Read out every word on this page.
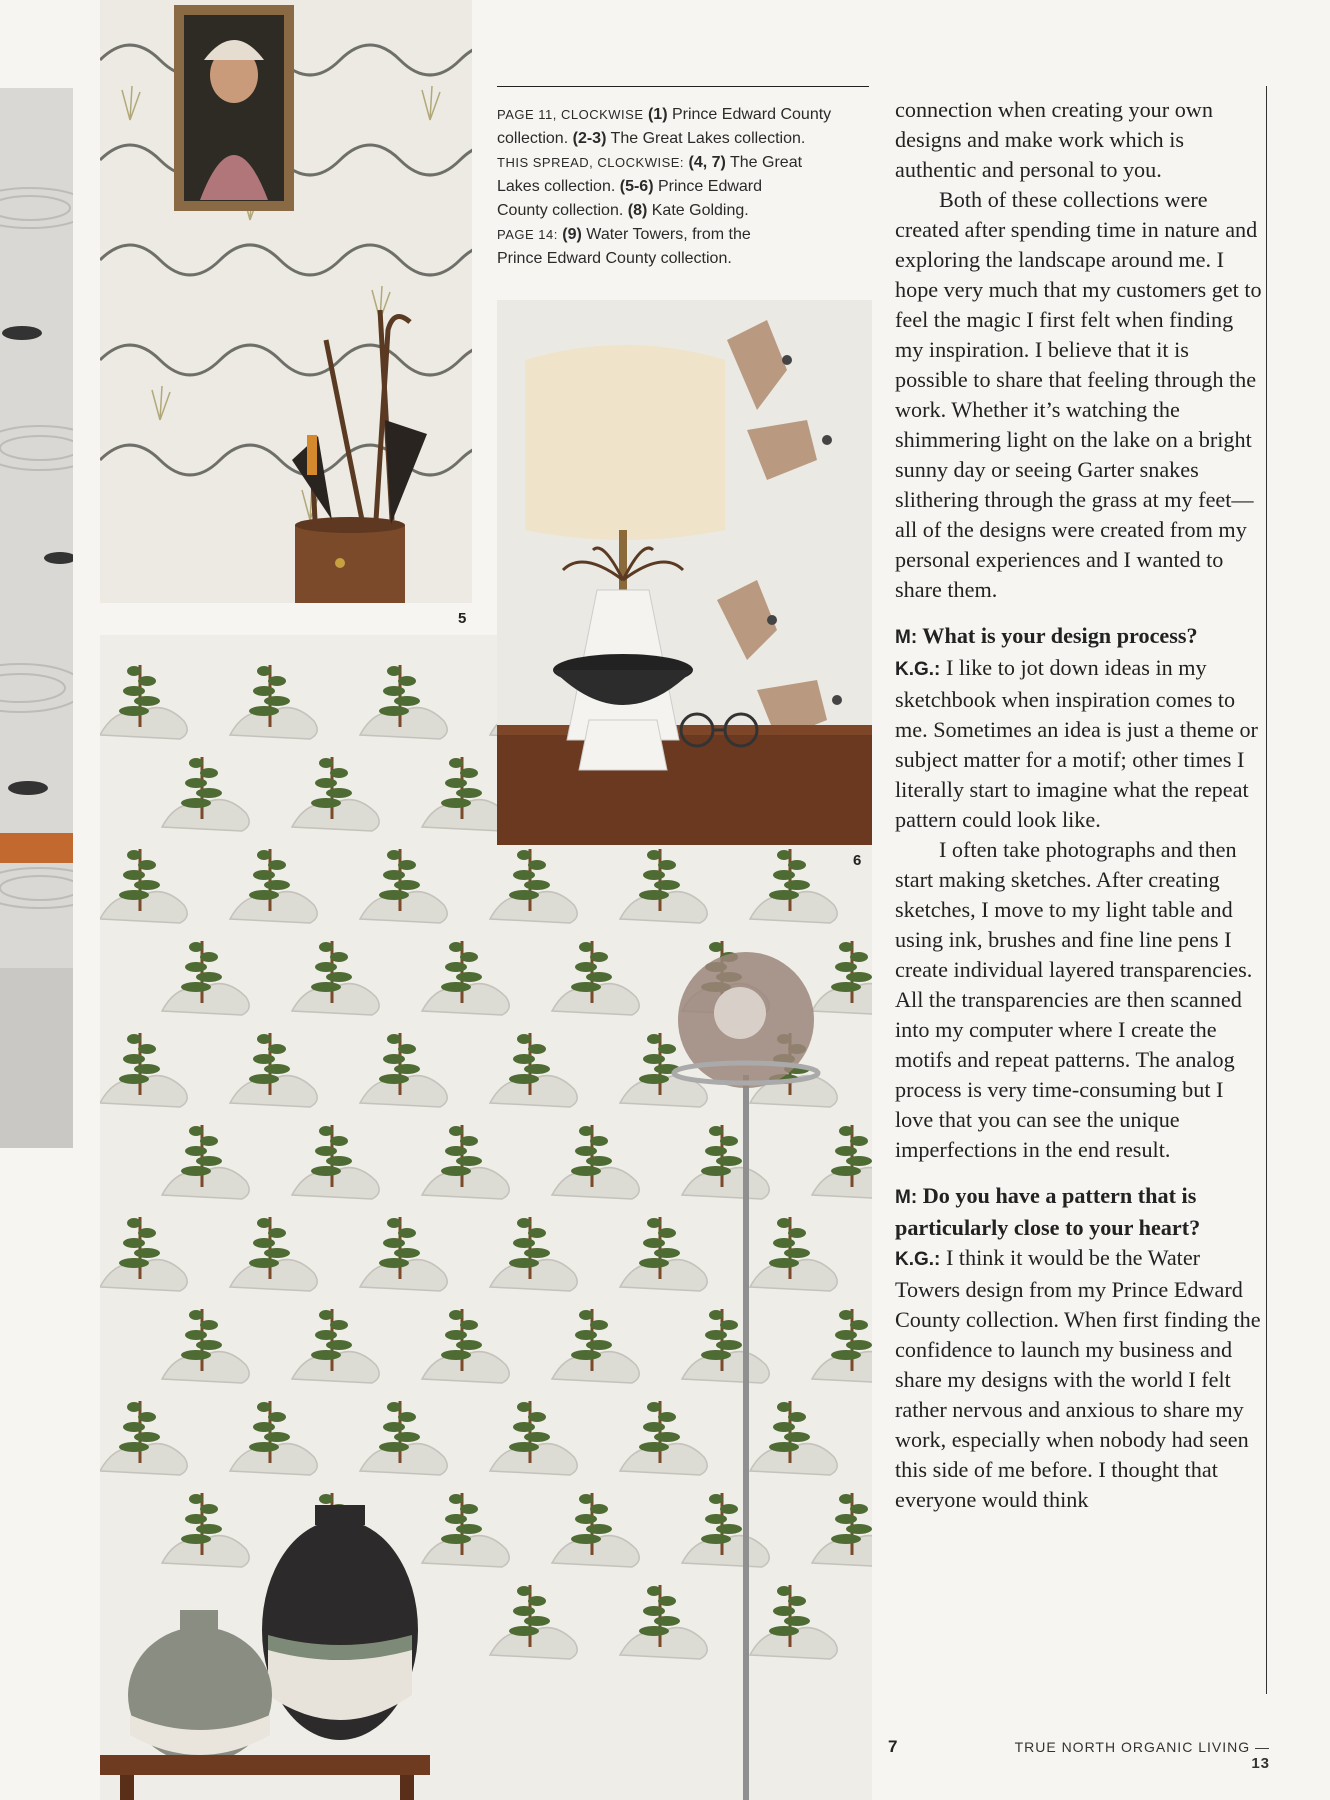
5
PAGE 11, CLOCKWISE (1) Prince Edward County
collection. (2-3) The Great Lakes collection.
THIS SPREAD, CLOCKWISE: (4, 7) The Great
Lakes collection. (5-6) Prince Edward
County collection. (8) Kate Golding.
PAGE 14: (9) Water Towers, from the
Prince Edward County collection.
7
6

connection when creating your own designs and make work which is authentic and personal to you.

Both of these collections were created after spending time in nature and exploring the landscape around me. I hope very much that my customers get to feel the magic I first felt when finding my inspiration. I believe that it is possible to share that feeling through the work. Whether it’s watching the shimmering light on the lake on a bright sunny day or seeing Garter snakes slithering through the grass at my feet—all of the designs were created from my personal experiences and I wanted to share them.

M: What is your design process?

K.G.: I like to jot down ideas in my sketchbook when inspiration comes to me. Sometimes an idea is just a theme or subject matter for a motif; other times I literally start to imagine what the repeat pattern could look like.

I often take photographs and then start making sketches. After creating sketches, I move to my light table and using ink, brushes and fine line pens I create individual layered transparencies. All the transparencies are then scanned into my computer where I create the motifs and repeat patterns. The analog process is very time-consuming but I love that you can see the unique imperfections in the end result.

M: Do you have a pattern that is particularly close to your heart?

K.G.: I think it would be the Water Towers design from my Prince Edward County collection. When first finding the confidence to launch my business and share my designs with the world I felt rather nervous and anxious to share my work, especially when nobody had seen this side of me before. I thought that everyone would think

TRUE NORTH ORGANIC LIVING — 13
